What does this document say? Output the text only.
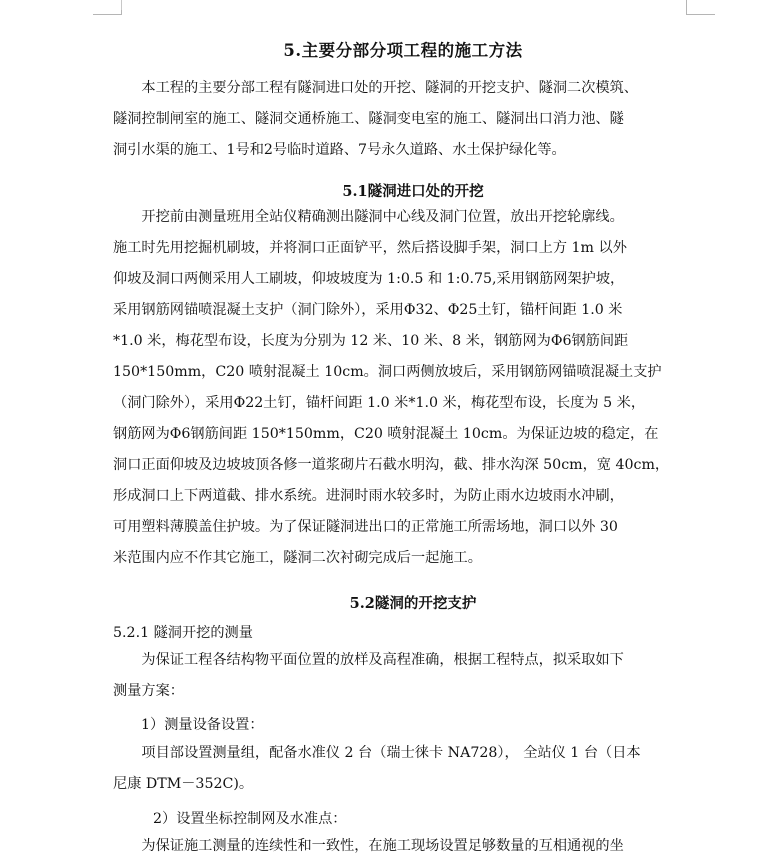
5.主要分部分项工程的施工方法
　　本工程的主要分部工程有隧洞进口处的开挖、隧洞的开挖支护、隧洞二次模筑、
隧洞控制闸室的施工、隧洞交通桥施工、隧洞变电室的施工、隧洞出口消力池、隧
洞引水渠的施工、1号和2号临时道路、7号永久道路、水土保护绿化等。
5.1隧洞进口处的开挖
　　开挖前由测量班用全站仪精确测出隧洞中心线及洞门位置，放出开挖轮廓线。
施工时先用挖掘机刷坡，并将洞口正面铲平，然后搭设脚手架，洞口上方 1m 以外
仰坡及洞口两侧采用人工刷坡，仰坡坡度为 1:0.5 和 1:0.75,采用钢筋网架护坡，
采用钢筋网锚喷混凝土支护（洞门除外），采用Φ32、Φ25土钉，锚杆间距 1.0 米
*1.0 米，梅花型布设，长度为分别为 12 米、10 米、8 米，钢筋网为Φ6钢筋间距
150*150mm，C20 喷射混凝土 10cm。洞口两侧放坡后，采用钢筋网锚喷混凝土支护
（洞门除外），采用Φ22土钉，锚杆间距 1.0 米*1.0 米，梅花型布设，长度为 5 米，
钢筋网为Φ6钢筋间距 150*150mm，C20 喷射混凝土 10cm。为保证边坡的稳定，在
洞口正面仰坡及边坡坡顶各修一道浆砌片石截水明沟，截、排水沟深 50cm，宽 40cm，
形成洞口上下两道截、排水系统。进洞时雨水较多时，为防止雨水边坡雨水冲刷，
可用塑料薄膜盖住护坡。为了保证隧洞进出口的正常施工所需场地，洞口以外 30
米范围内应不作其它施工，隧洞二次衬砌完成后一起施工。
5.2隧洞的开挖支护
5.2.1 隧洞开挖的测量
　　为保证工程各结构物平面位置的放样及高程准确，根据工程特点，拟采取如下
测量方案：
1）测量设备设置：
　　项目部设置测量组，配备水准仪 2 台（瑞士徕卡 NA728）， 全站仪 1 台（日本
尼康 DTM－352C)。
2）设置坐标控制网及水准点：
　　为保证施工测量的连续性和一致性，在施工现场设置足够数量的互相通视的坐
